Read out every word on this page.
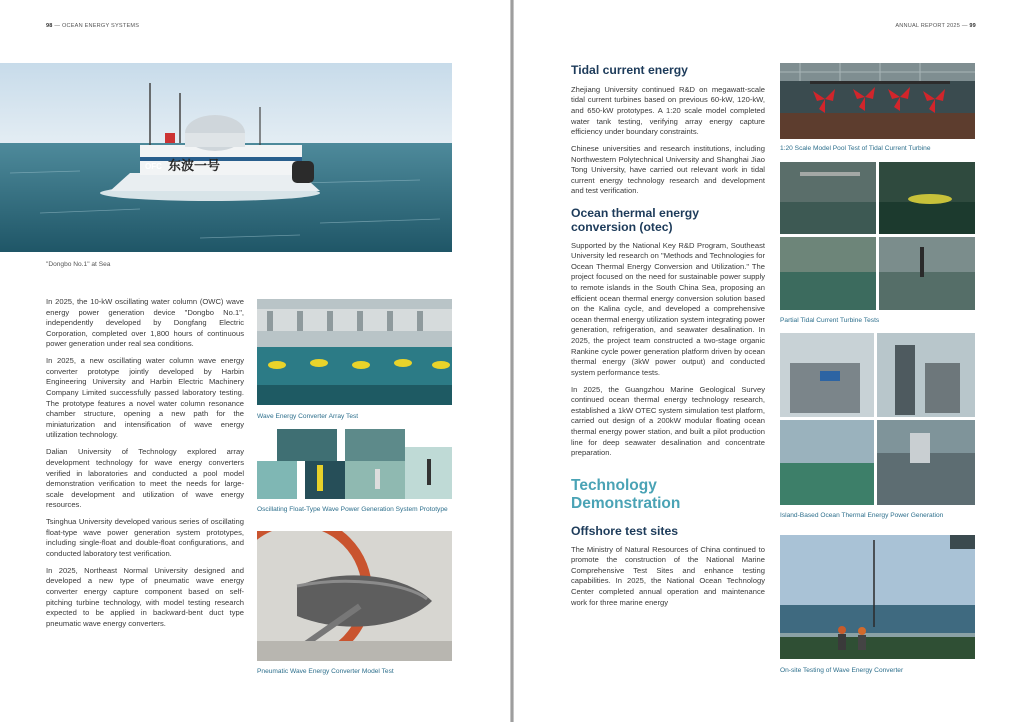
98 — OCEAN ENERGY SYSTEMS
OFC 东波一号
"Dongbo No.1" at Sea

In 2025, the 10-kW oscillating water column (OWC) wave energy power generation device "Dongbo No.1", independently developed by Dongfang Electric Corporation, completed over 1,800 hours of continuous power generation under real sea conditions.

In 2025, a new oscillating water column wave energy converter prototype jointly developed by Harbin Engineering University and Harbin Electric Machinery Company Limited successfully passed laboratory testing. The prototype features a novel water column resonance chamber structure, opening a new path for the miniaturization and intensification of wave energy utilization technology.

Dalian University of Technology explored array development technology for wave energy converters verified in laboratories and conducted a pool model demonstration verification to meet the needs for large-scale development and utilization of wave energy resources.

Tsinghua University developed various series of oscillating float-type wave power generation system prototypes, including single-float and double-float configurations, and conducted laboratory test verification.

In 2025, Northeast Normal University designed and developed a new type of pneumatic wave energy converter energy capture component based on self-pitching turbine technology, with model testing research expected to be applied in backward-bent duct type pneumatic wave energy converters.

Wave Energy Converter Array Test
Oscillating Float-Type Wave Power Generation System Prototype
Pneumatic Wave Energy Converter Model Test
ANNUAL REPORT 2025 — 99
Tidal current energy

Zhejiang University continued R&D on megawatt-scale tidal current turbines based on previous 60-kW, 120-kW, and 650-kW prototypes. A 1:20 scale model completed water tank testing, verifying array energy capture efficiency under boundary constraints.

Chinese universities and research institutions, including Northwestern Polytechnical University and Shanghai Jiao Tong University, have carried out relevant work in tidal current energy technology research and development and test verification.

Ocean thermal energy conversion (otec)

Supported by the National Key R&D Program, Southeast University led research on "Methods and Technologies for Ocean Thermal Energy Conversion and Utilization." The project focused on the need for sustainable power supply to remote islands in the South China Sea, proposing an efficient ocean thermal energy conversion solution based on the Kalina cycle, and developed a comprehensive ocean thermal energy utilization system integrating power generation, refrigeration, and seawater desalination. In 2025, the project team constructed a two-stage organic Rankine cycle power generation platform driven by ocean thermal energy (3kW power output) and conducted system performance tests.

In 2025, the Guangzhou Marine Geological Survey continued ocean thermal energy technology research, established a 1kW OTEC system simulation test platform, carried out design of a 200kW modular floating ocean thermal energy power station, and built a pilot production line for deep seawater desalination and concentrate preparation.

Technology Demonstration
Offshore test sites

The Ministry of Natural Resources of China continued to promote the construction of the National Marine Comprehensive Test Sites and enhance testing capabilities. In 2025, the National Ocean Technology Center completed annual operation and maintenance work for three marine energy

1:20 Scale Model Pool Test of Tidal Current Turbine
Partial Tidal Current Turbine Tests
Island-Based Ocean Thermal Energy Power Generation
On-site Testing of Wave Energy Converter
